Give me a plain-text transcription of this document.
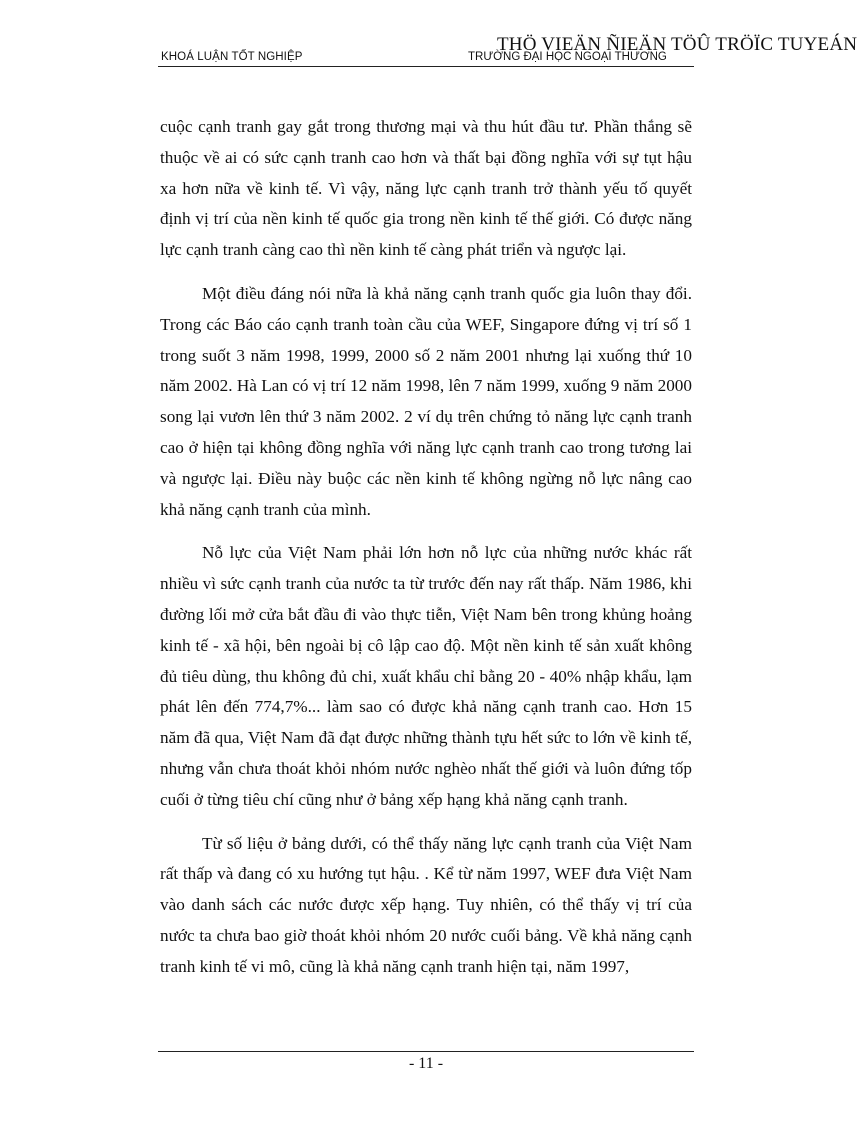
THÖ VIEÄN ÑIEÄN TÖÛ TRÖÏC TUYEÁN
KHOÁ LUẬN TỐT NGHIỆP	TRƯỜNG ĐẠI HỌC NGOẠI THƯƠNG

cuộc cạnh tranh gay gắt trong thương mại và thu hút đầu tư. Phần thắng sẽ thuộc về ai có sức cạnh tranh cao hơn và thất bại đồng nghĩa với sự tụt hậu xa hơn nữa về kinh tế. Vì vậy, năng lực cạnh tranh trở thành yếu tố quyết định vị trí của nền kinh tế quốc gia trong nền kinh tế thế giới. Có được năng lực cạnh tranh càng cao thì nền kinh tế càng phát triển và ngược lại.

Một điều đáng nói nữa là khả năng cạnh tranh quốc gia luôn thay đổi. Trong các Báo cáo cạnh tranh toàn cầu của WEF, Singapore đứng vị trí số 1 trong suốt 3 năm 1998, 1999, 2000 số 2 năm 2001 nhưng lại xuống thứ 10 năm 2002. Hà Lan có vị trí 12 năm 1998, lên 7 năm 1999, xuống 9 năm 2000 song lại vươn lên thứ 3 năm 2002. 2 ví dụ trên chứng tỏ năng lực cạnh tranh cao ở hiện tại không đồng nghĩa với năng lực cạnh tranh cao trong tương lai và ngược lại. Điều này buộc các nền kinh tế không ngừng nỗ lực nâng cao khả năng cạnh tranh của mình.

Nỗ lực của Việt Nam phải lớn hơn nỗ lực của những nước khác rất nhiều vì sức cạnh tranh của nước ta từ trước đến nay rất thấp. Năm 1986, khi đường lối mở cửa bắt đầu đi vào thực tiễn, Việt Nam bên trong khủng hoảng kinh tế - xã hội, bên ngoài bị cô lập cao độ. Một nền kinh tế sản xuất không đủ tiêu dùng, thu không đủ chi, xuất khẩu chỉ bằng 20 - 40% nhập khẩu, lạm phát lên đến 774,7%... làm sao có được khả năng cạnh tranh cao. Hơn 15 năm đã qua, Việt Nam đã đạt được những thành tựu hết sức to lớn về kinh tế, nhưng vẫn chưa thoát khỏi nhóm nước nghèo nhất thế giới và luôn đứng tốp cuối ở từng tiêu chí cũng như ở bảng xếp hạng khả năng cạnh tranh.

Từ số liệu ở bảng dưới, có thể thấy năng lực cạnh tranh của Việt Nam rất thấp và đang có xu hướng tụt hậu. . Kể từ năm 1997, WEF đưa Việt Nam vào danh sách các nước được xếp hạng. Tuy nhiên, có thể thấy vị trí của nước ta chưa bao giờ thoát khỏi nhóm 20 nước cuối bảng. Về khả năng cạnh tranh kinh tế vi mô, cũng là khả năng cạnh tranh hiện tại, năm 1997,

- 11 -
